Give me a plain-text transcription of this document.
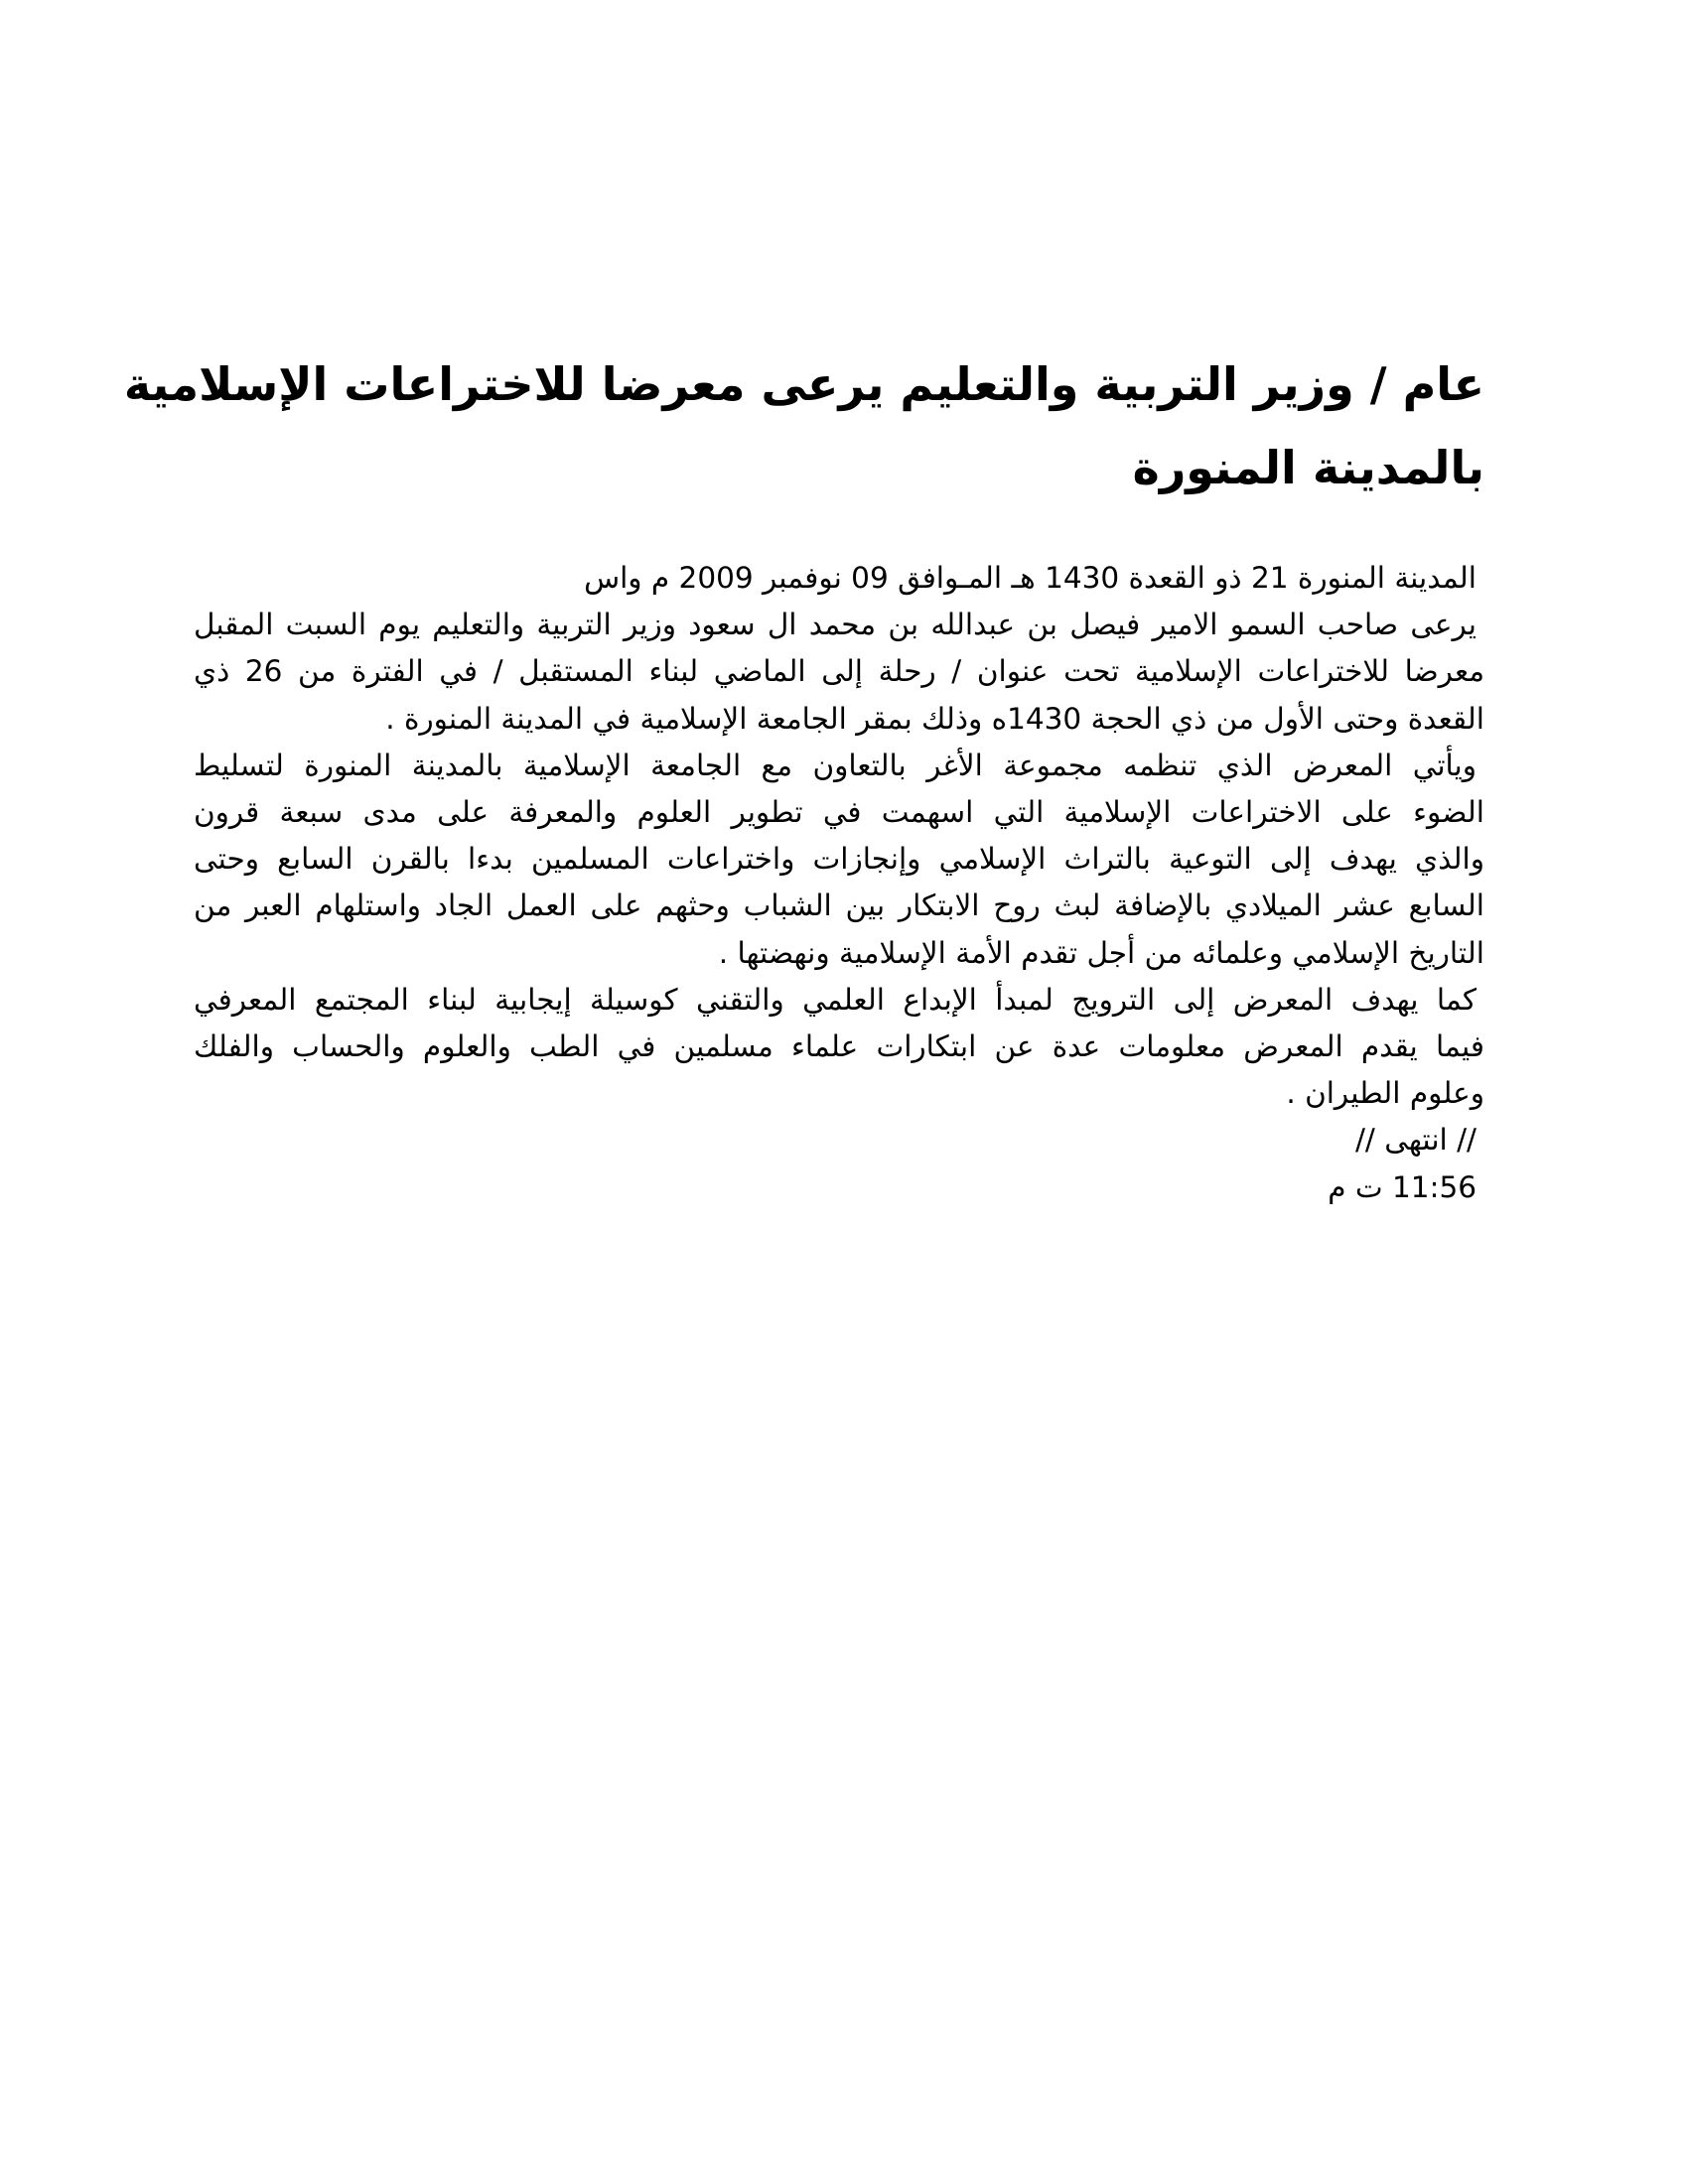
عام / وزير التربية والتعليم يرعى معرضا للاختراعات الإسلامية
بالمدينة المنورة
المدينة المنورة 21 ذو القعدة 1430 هـ المـوافق 09 نوفمبر 2009 م واس
يرعى صاحب السمو الامير فيصل بن عبدالله بن محمد ال سعود وزير التربية والتعليم يوم السبت المقبل
معرضا للاختراعات الإسلامية تحت عنوان / رحلة إلى الماضي لبناء المستقبل / في الفترة من 26 ذي
القعدة وحتى الأول من ذي الحجة 1430ه وذلك بمقر الجامعة الإسلامية في المدينة المنورة .
ويأتي المعرض الذي تنظمه مجموعة الأغر بالتعاون مع الجامعة الإسلامية بالمدينة المنورة لتسليط
الضوء على الاختراعات الإسلامية التي اسهمت في تطوير العلوم والمعرفة على مدى سبعة قرون
والذي يهدف إلى التوعية بالتراث الإسلامي وإنجازات واختراعات المسلمين بدءا بالقرن السابع وحتى
السابع عشر الميلادي بالإضافة لبث روح الابتكار بين الشباب وحثهم على العمل الجاد واستلهام العبر من
التاريخ الإسلامي وعلمائه من أجل تقدم الأمة الإسلامية ونهضتها .
كما يهدف المعرض إلى الترويج لمبدأ الإبداع العلمي والتقني كوسيلة إيجابية لبناء المجتمع المعرفي
فيما يقدم المعرض معلومات عدة عن ابتكارات علماء مسلمين في الطب والعلوم والحساب والفلك
وعلوم الطيران .
// انتهى //
11:56 ت م
